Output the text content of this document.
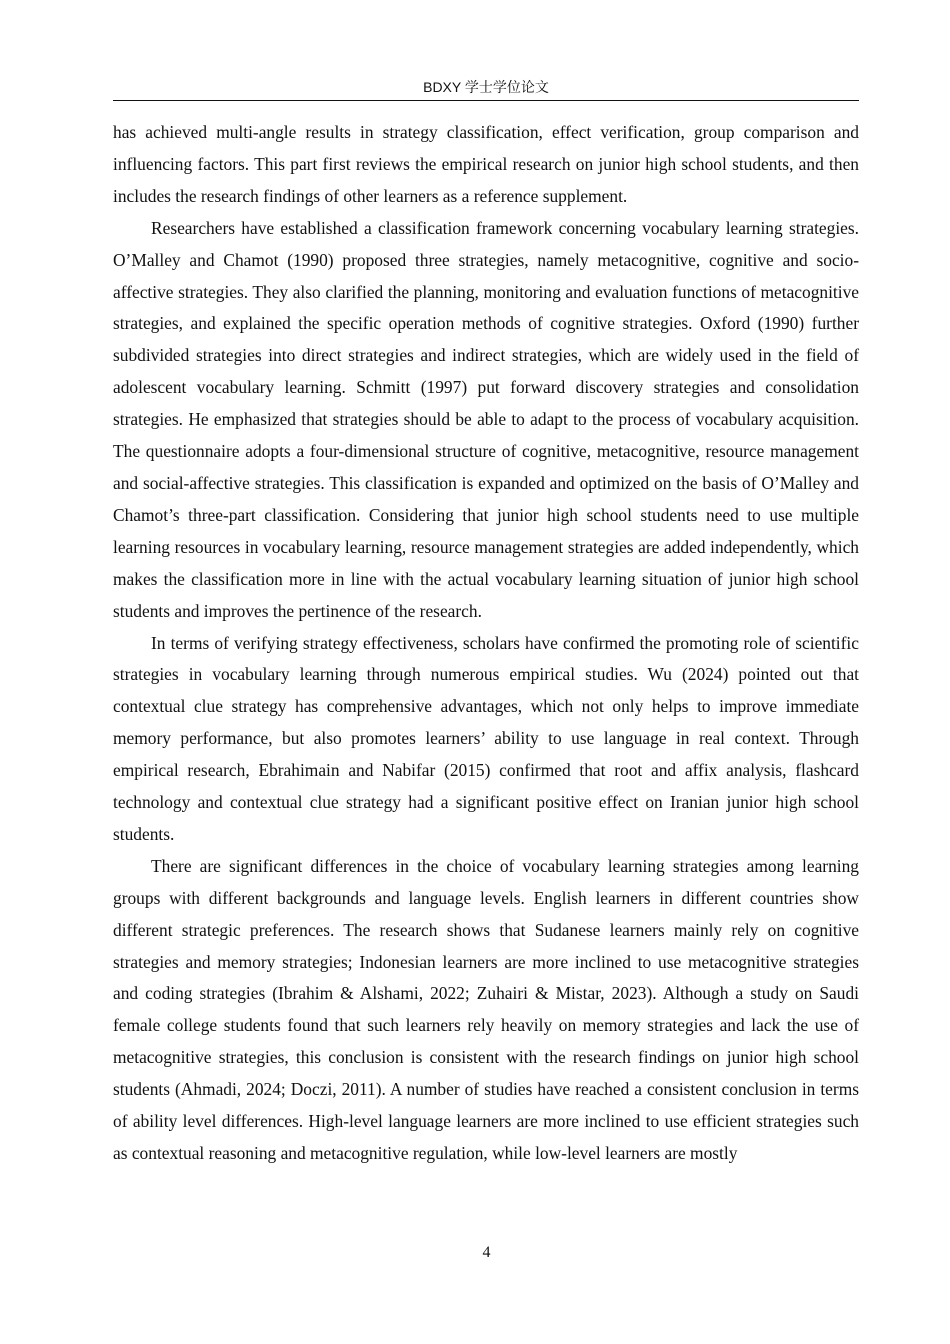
BDXY 学士学位论文

has achieved multi-angle results in strategy classification, effect verification, group comparison and influencing factors. This part first reviews the empirical research on junior high school students, and then includes the research findings of other learners as a reference supplement.

Researchers have established a classification framework concerning vocabulary learning strategies. O’Malley and Chamot (1990) proposed three strategies, namely metacognitive, cognitive and socio-affective strategies. They also clarified the planning, monitoring and evaluation functions of metacognitive strategies, and explained the specific operation methods of cognitive strategies. Oxford (1990) further subdivided strategies into direct strategies and indirect strategies, which are widely used in the field of adolescent vocabulary learning. Schmitt (1997) put forward discovery strategies and consolidation strategies. He emphasized that strategies should be able to adapt to the process of vocabulary acquisition. The questionnaire adopts a four-dimensional structure of cognitive, metacognitive, resource management and social-affective strategies. This classification is expanded and optimized on the basis of O’Malley and Chamot’s three-part classification. Considering that junior high school students need to use multiple learning resources in vocabulary learning, resource management strategies are added independently, which makes the classification more in line with the actual vocabulary learning situation of junior high school students and improves the pertinence of the research.

In terms of verifying strategy effectiveness, scholars have confirmed the promoting role of scientific strategies in vocabulary learning through numerous empirical studies. Wu (2024) pointed out that contextual clue strategy has comprehensive advantages, which not only helps to improve immediate memory performance, but also promotes learners’ ability to use language in real context. Through empirical research, Ebrahimain and Nabifar (2015) confirmed that root and affix analysis, flashcard technology and contextual clue strategy had a significant positive effect on Iranian junior high school students.

There are significant differences in the choice of vocabulary learning strategies among learning groups with different backgrounds and language levels. English learners in different countries show different strategic preferences. The research shows that Sudanese learners mainly rely on cognitive strategies and memory strategies; Indonesian learners are more inclined to use metacognitive strategies and coding strategies (Ibrahim & Alshami, 2022; Zuhairi & Mistar, 2023). Although a study on Saudi female college students found that such learners rely heavily on memory strategies and lack the use of metacognitive strategies, this conclusion is consistent with the research findings on junior high school students (Ahmadi, 2024; Doczi, 2011). A number of studies have reached a consistent conclusion in terms of ability level differences. High-level language learners are more inclined to use efficient strategies such as contextual reasoning and metacognitive regulation, while low-level learners are mostly

4
